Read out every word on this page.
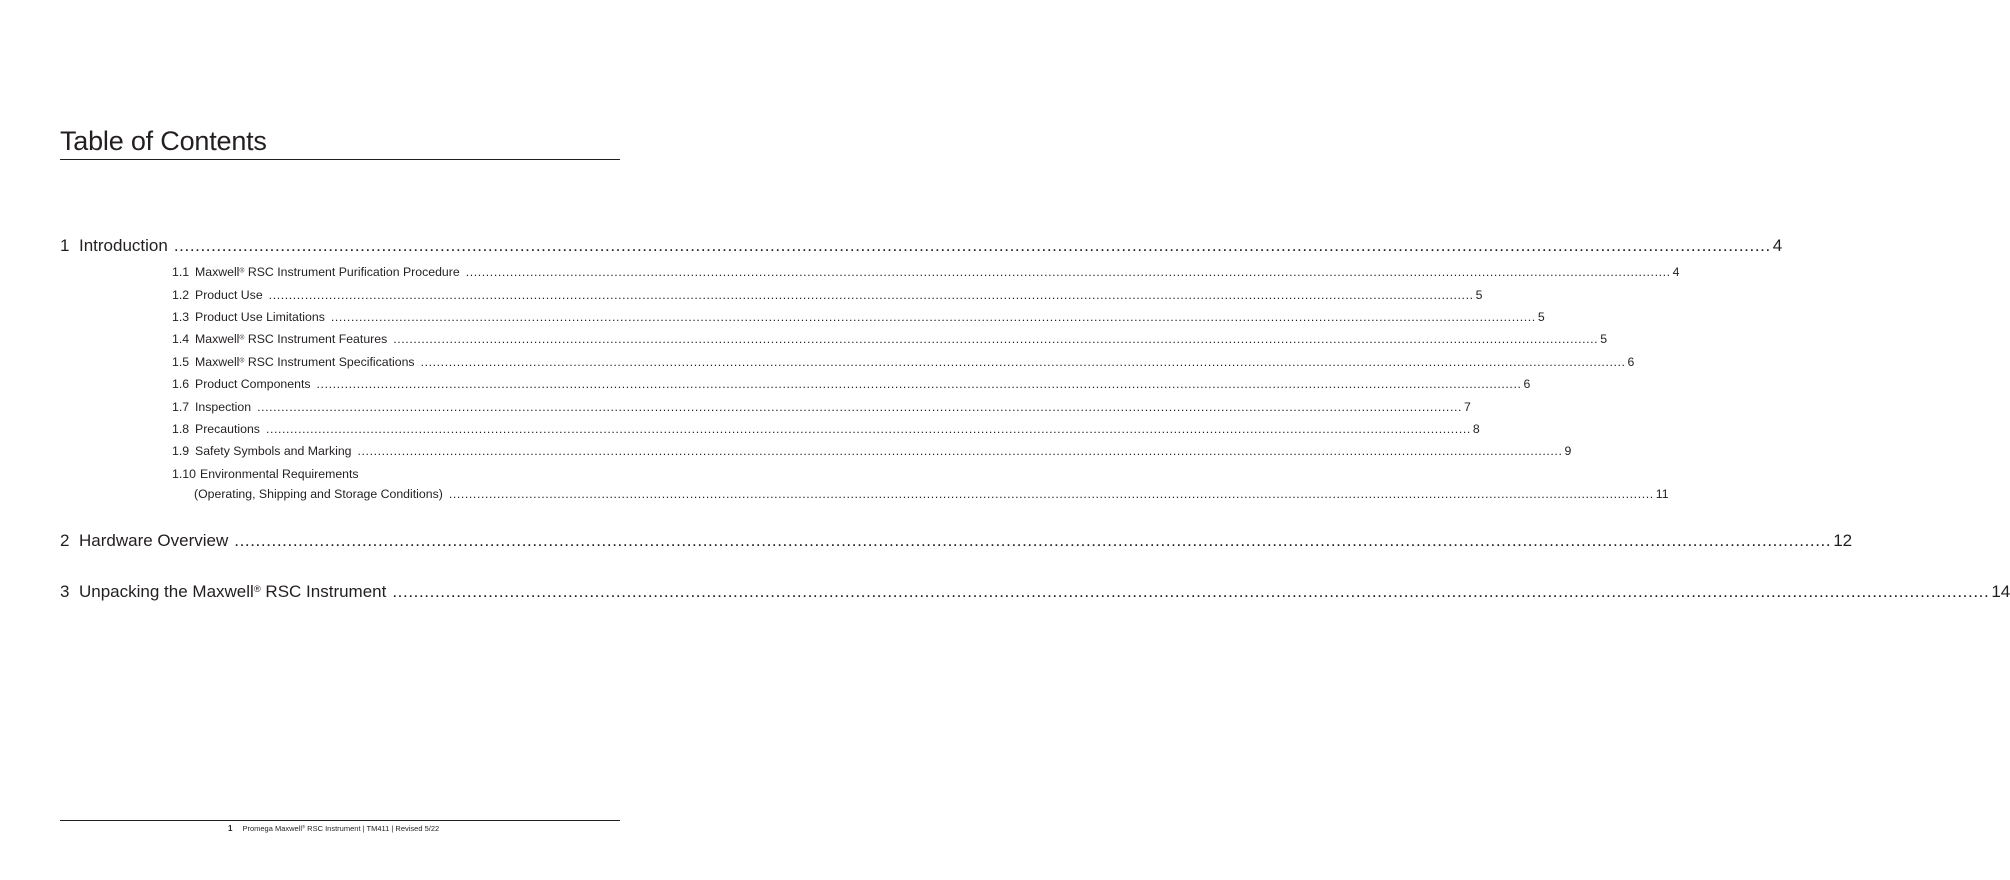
Table of Contents
1 Introduction ............................................................................................................................................................................................................................................................................................................ 4
1.1 Maxwell® RSC Instrument Purification Procedure ............................................................................................................................................................................................................................................................................................................ 4
1.2 Product Use ............................................................................................................................................................................................................................................................................................................ 5
1.3 Product Use Limitations ............................................................................................................................................................................................................................................................................................................ 5
1.4 Maxwell® RSC Instrument Features ............................................................................................................................................................................................................................................................................................................ 5
1.5 Maxwell® RSC Instrument Specifications ............................................................................................................................................................................................................................................................................................................ 6
1.6 Product Components ............................................................................................................................................................................................................................................................................................................ 6
1.7 Inspection ............................................................................................................................................................................................................................................................................................................ 7
1.8 Precautions ............................................................................................................................................................................................................................................................................................................ 8
1.9 Safety Symbols and Marking ............................................................................................................................................................................................................................................................................................................ 9
1.10 Environmental Requirements
(Operating, Shipping and Storage Conditions) ............................................................................................................................................................................................................................................................................................................ 11
2 Hardware Overview ............................................................................................................................................................................................................................................................................................................ 12
3 Unpacking the Maxwell® RSC Instrument ............................................................................................................................................................................................................................................................................................................ 14
1 Promega Maxwell® RSC Instrument | TM411 | Revised 5/22
